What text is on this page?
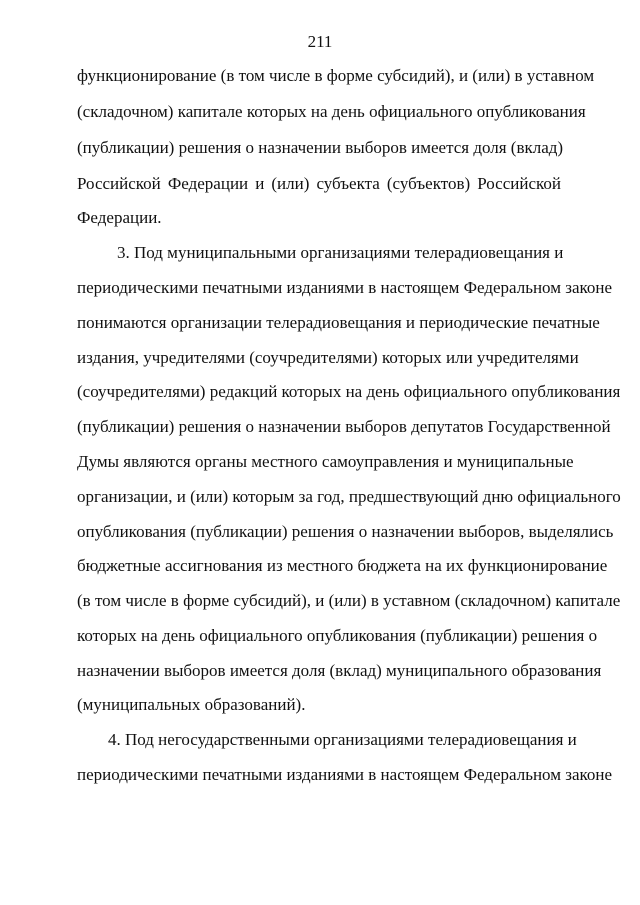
211
функционирование (в том числе в форме субсидий), и (или) в уставном
(складочном) капитале которых на день официального опубликования
(публикации) решения о назначении выборов имеется доля (вклад)
Российской Федерации и (или) субъекта (субъектов) Российской
Федерации.
3. Под муниципальными организациями телерадиовещания и
периодическими печатными изданиями в настоящем Федеральном законе
понимаются организации телерадиовещания и периодические печатные
издания, учредителями (соучредителями) которых или учредителями
(соучредителями) редакций которых на день официального опубликования
(публикации) решения о назначении выборов депутатов Государственной
Думы являются органы местного самоуправления и муниципальные
организации, и (или) которым за год, предшествующий дню официального
опубликования (публикации) решения о назначении выборов, выделялись
бюджетные ассигнования из местного бюджета на их функционирование
(в том числе в форме субсидий), и (или) в уставном (складочном) капитале
которых на день официального опубликования (публикации) решения о
назначении выборов имеется доля (вклад) муниципального образования
(муниципальных образований).
4. Под негосударственными организациями телерадиовещания и
периодическими печатными изданиями в настоящем Федеральном законе
